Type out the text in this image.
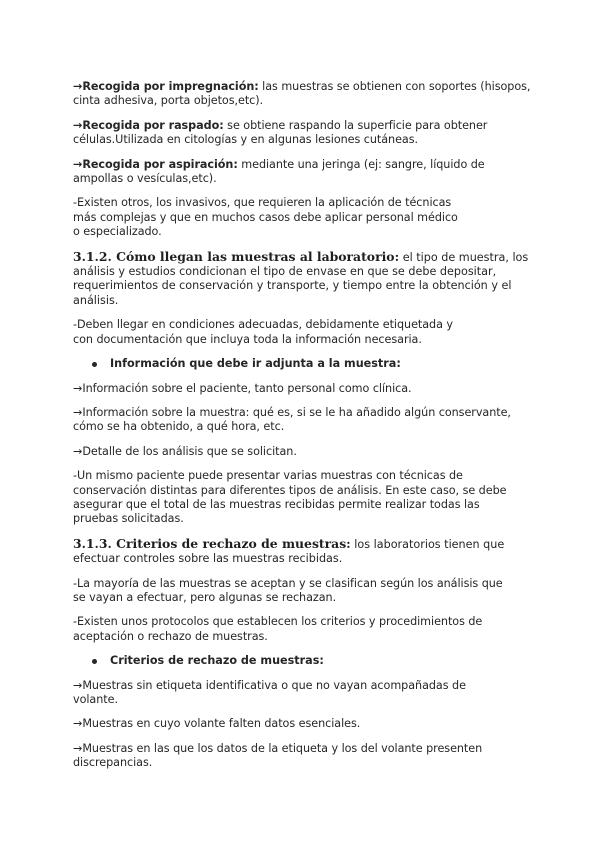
→Recogida por impregnación: las muestras se obtienen con soportes (hisopos,
cinta adhesiva, porta objetos,etc).

→Recogida por raspado: se obtiene raspando la superficie para obtener
células.Utilizada en citologías y en algunas lesiones cutáneas.

→Recogida por aspiración: mediante una jeringa (ej: sangre, líquido de
ampollas o vesículas,etc).

-Existen otros, los invasivos, que requieren la aplicación de técnicas
más complejas y que en muchos casos debe aplicar personal médico
o especializado.

3.1.2. Cómo llegan las muestras al laboratorio: el tipo de muestra, los análisis y estudios condicionan el tipo de envase en que se debe depositar, requerimientos de conservación y transporte, y tiempo entre la obtención y el análisis.

-Deben llegar en condiciones adecuadas, debidamente etiquetada y
con documentación que incluya toda la información necesaria.

Información que debe ir adjunta a la muestra:

→Información sobre el paciente, tanto personal como clínica.

→Información sobre la muestra: qué es, si se le ha añadido algún conservante,
cómo se ha obtenido, a qué hora, etc.

→Detalle de los análisis que se solicitan.

-Un mismo paciente puede presentar varias muestras con técnicas de
conservación distintas para diferentes tipos de análisis. En este caso, se debe
asegurar que el total de las muestras recibidas permite realizar todas las
pruebas solicitadas.

3.1.3. Criterios de rechazo de muestras: los laboratorios tienen que efectuar controles sobre las muestras recibidas.

-La mayoría de las muestras se aceptan y se clasifican según los análisis que
se vayan a efectuar, pero algunas se rechazan.

-Existen unos protocolos que establecen los criterios y procedimientos de
aceptación o rechazo de muestras.

Criterios de rechazo de muestras:

→Muestras sin etiqueta identificativa o que no vayan acompañadas de
volante.

→Muestras en cuyo volante falten datos esenciales.

→Muestras en las que los datos de la etiqueta y los del volante presenten
discrepancias.
